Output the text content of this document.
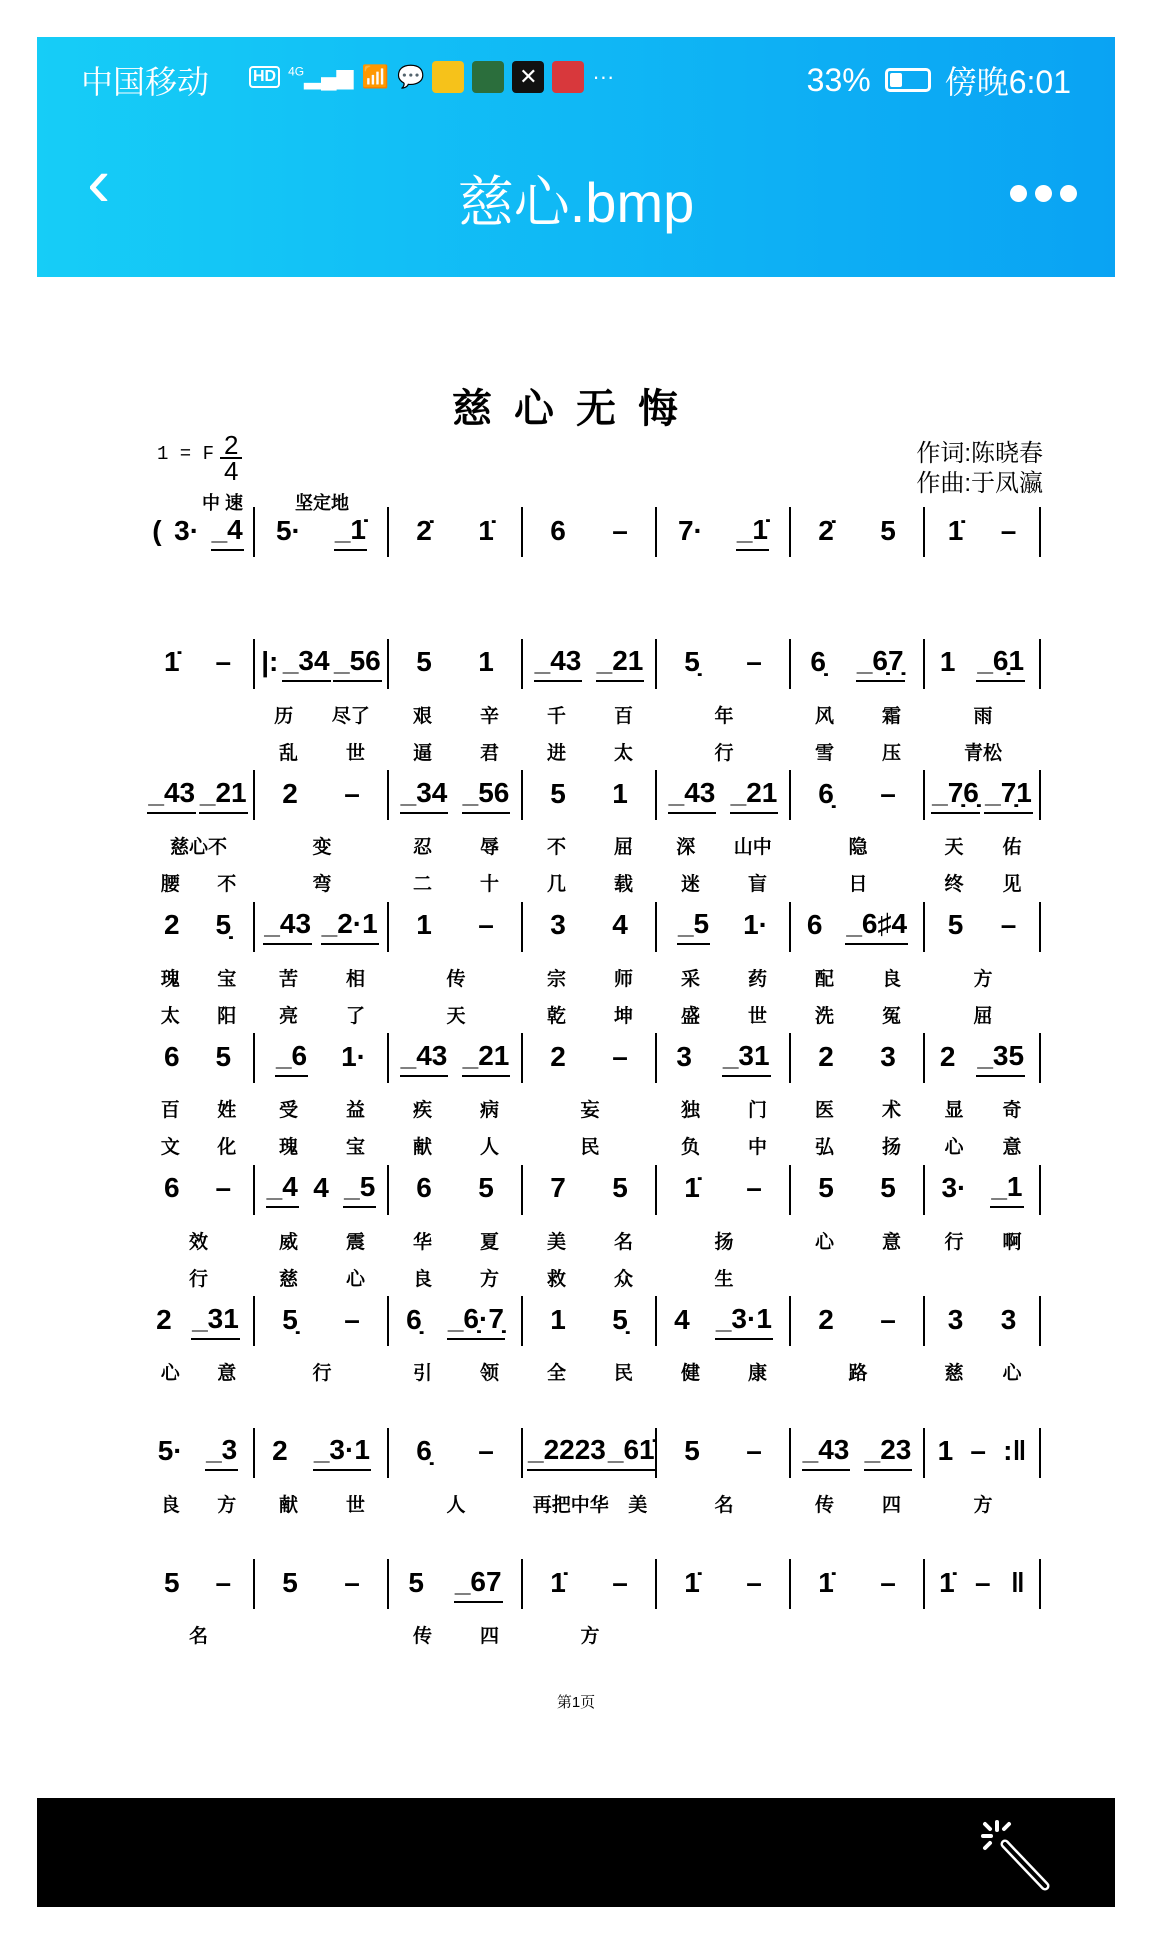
中国移动	HD	$^{4G}$▂▄▆ 📶 💬	✕	···	33% 傍晚6:01
‹	慈心.bmp
慈心无悔
1 = F $\frac{2}{4}$
中 速	坚定地
作词:陈晓春
作曲:于凤瀛
( 3· _4 5· _1̇ 2̇ 1̇ 6 – 7· _1̇ 2̇ 5 1̇ –
1̇ – |: _34 _56 5 1 _43 _21 5̣ – 6̣ _6̣7̣ 1 _6̣1
历 尽了 艰	辛	千	百	年	风	霜	雨
乱	世	逼	君	进	太	行	雪	压	青松
_43 _21 2 – _34 _56 5 1 _43 _21 6̣ – _7̣6̣ _7̣1
慈心不	变	忍	辱	不	屈 深 山中	隐	天 佑
腰 不	弯	二	十	几	载	迷	盲	日	终 见
2 5̣ _43 _2·1 1 – 3 4 _5 1· 6 _6♯4 5 –
瑰 宝 苦	相	传	宗	师	采	药	配	良	方
太 阳 亮	了	天	乾	坤	盛	世	洗	冤	屈
6 5 _6 1· _43 _21 2 – 3 _31 2 3 2 _35
百 姓 受	益	疾	病	妄	独	门	医	术 显 奇
文 化 瑰	宝	献	人	民	负	中	弘	扬 心 意
6 – _4 4 _5 6 5 7 5 1̇ – 5 5 3· _1
效	威	震	华	夏	美	名	扬	心	意 行 啊
行	慈	心	良	方	救	众	生
2 _31 5̣ – 6̣ _6̣·7̣ 1 5̣ 4 _3·1 2 – 3 3
心 意	行	引	领	全	民	健	康	路	慈 心
5· _3 2 _3·1 6̣ – _2223 _61̇ 5 – _43 _23 1 – :‖
良 方 献	世	人	再把中华 美	名	传	四	方
5 – 5 – 5 _67 1̇ – 1̇ – 1̇ – 1̇ – ‖
名	传	四	方
第1页
